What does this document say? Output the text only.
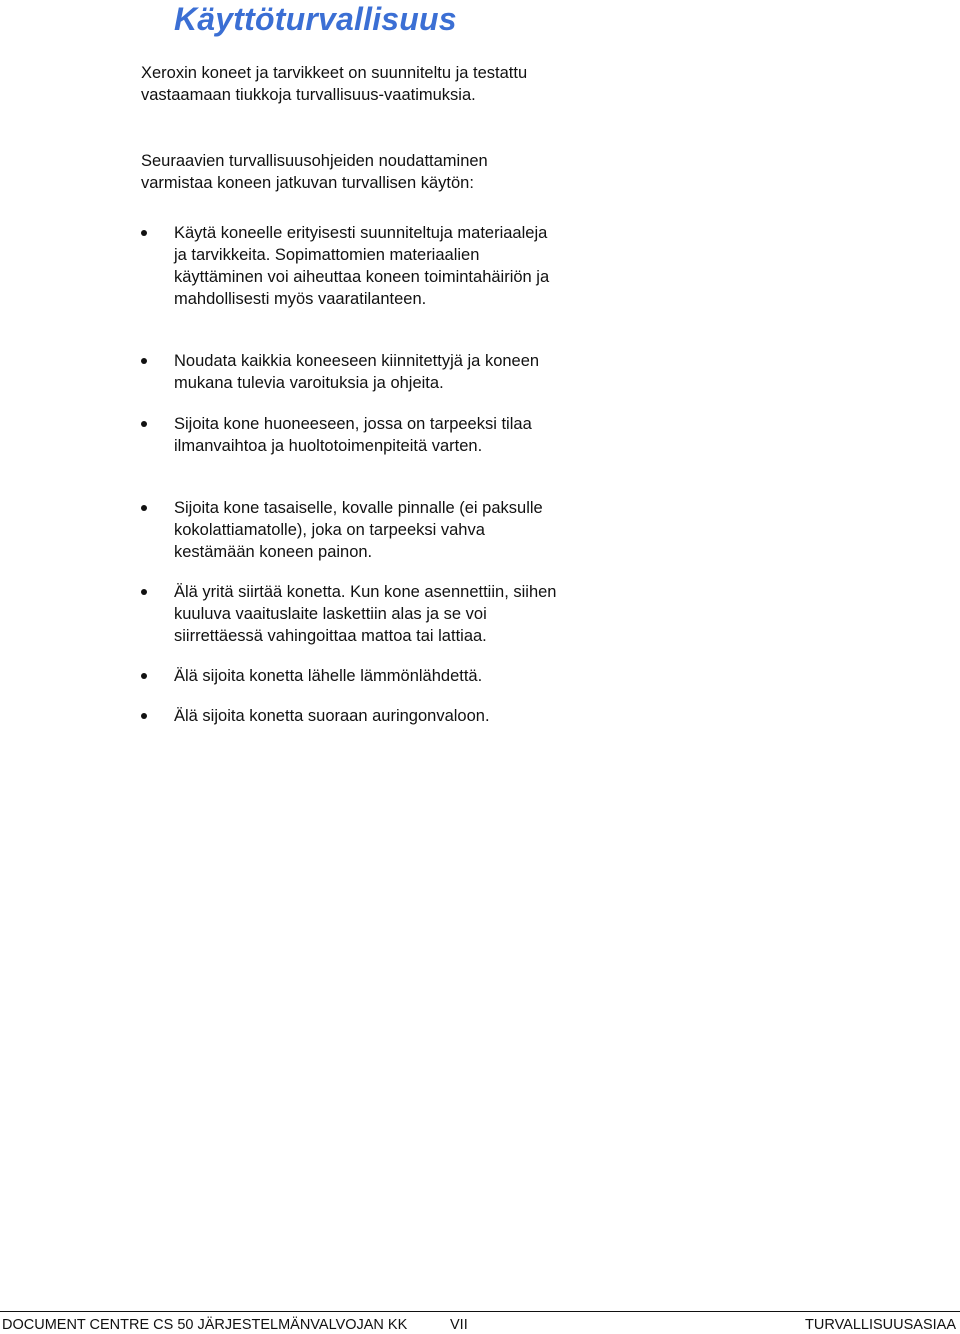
Käyttöturvallisuus

Xeroxin koneet ja tarvikkeet on suunniteltu ja testattu vastaamaan tiukkoja turvallisuus-vaatimuksia.

Seuraavien turvallisuusohjeiden noudattaminen varmistaa koneen jatkuvan turvallisen käytön:

Käytä koneelle erityisesti suunniteltuja materiaaleja ja tarvikkeita. Sopimattomien materiaalien käyttäminen voi aiheuttaa koneen toimintahäiriön ja mahdollisesti myös vaaratilanteen.
Noudata kaikkia koneeseen kiinnitettyjä ja koneen mukana tulevia varoituksia ja ohjeita.
Sijoita kone huoneeseen, jossa on tarpeeksi tilaa ilmanvaihtoa ja huoltotoimenpiteitä varten.
Sijoita kone tasaiselle, kovalle pinnalle (ei paksulle kokolattiamatolle), joka on tarpeeksi vahva kestämään koneen painon.
Älä yritä siirtää konetta. Kun kone asennettiin, siihen kuuluva vaaituslaite laskettiin alas ja se voi siirrettäessä vahingoittaa mattoa tai lattiaa.
Älä sijoita konetta lähelle lämmönlähdettä.
Älä sijoita konetta suoraan auringonvaloon.
DOCUMENT CENTRE CS 50 JÄRJESTELMÄNVALVOJAN KK	VII	TURVALLISUUSASIAA
